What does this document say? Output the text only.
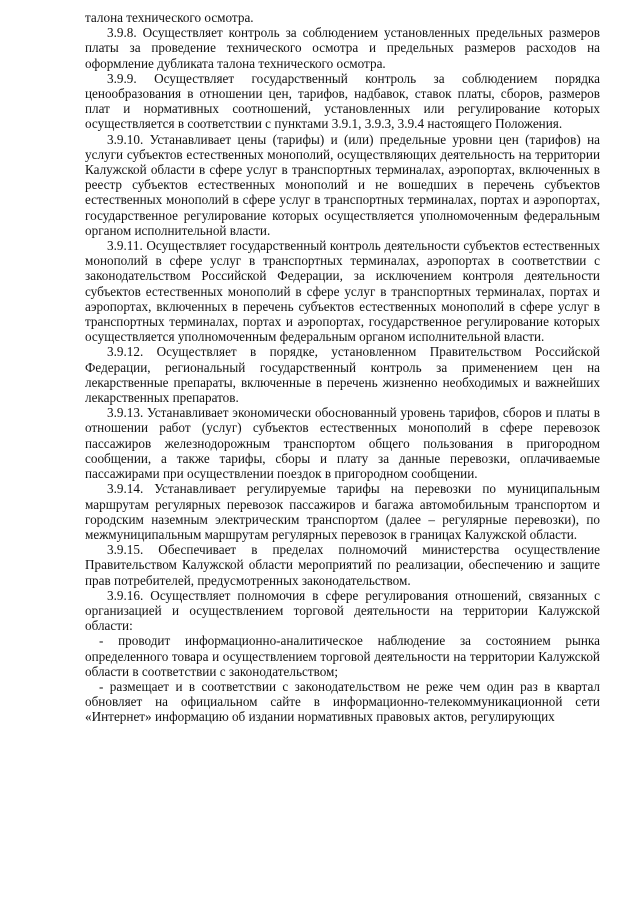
талона технического осмотра.

3.9.8. Осуществляет контроль за соблюдением установленных предельных размеров платы за проведение технического осмотра и предельных размеров расходов на оформление дубликата талона технического осмотра.

3.9.9. Осуществляет государственный контроль за соблюдением порядка ценообразования в отношении цен, тарифов, надбавок, ставок платы, сборов, размеров плат и нормативных соотношений, установленных или регулирование которых осуществляется в соответствии с пунктами 3.9.1, 3.9.3, 3.9.4 настоящего Положения.

3.9.10. Устанавливает цены (тарифы) и (или) предельные уровни цен (тарифов) на услуги субъектов естественных монополий, осуществляющих деятельность на территории Калужской области в сфере услуг в транспортных терминалах, аэропортах, включенных в реестр субъектов естественных монополий и не вошедших в перечень субъектов естественных монополий в сфере услуг в транспортных терминалах, портах и аэропортах, государственное регулирование которых осуществляется уполномоченным федеральным органом исполнительной власти.

3.9.11. Осуществляет государственный контроль деятельности субъектов естественных монополий в сфере услуг в транспортных терминалах, аэропортах в соответствии с законодательством Российской Федерации, за исключением контроля деятельности субъектов естественных монополий в сфере услуг в транспортных терминалах, портах и аэропортах, включенных в перечень субъектов естественных монополий в сфере услуг в транспортных терминалах, портах и аэропортах, государственное регулирование которых осуществляется уполномоченным федеральным органом исполнительной власти.

3.9.12. Осуществляет в порядке, установленном Правительством Российской Федерации, региональный государственный контроль за применением цен на лекарственные препараты, включенные в перечень жизненно необходимых и важнейших лекарственных препаратов.

3.9.13. Устанавливает экономически обоснованный уровень тарифов, сборов и платы в отношении работ (услуг) субъектов естественных монополий в сфере перевозок пассажиров железнодорожным транспортом общего пользования в пригородном сообщении, а также тарифы, сборы и плату за данные перевозки, оплачиваемые пассажирами при осуществлении поездок в пригородном сообщении.

3.9.14. Устанавливает регулируемые тарифы на перевозки по муниципальным маршрутам регулярных перевозок пассажиров и багажа автомобильным транспортом и городским наземным электрическим транспортом (далее – регулярные перевозки), по межмуниципальным маршрутам регулярных перевозок в границах Калужской области.

3.9.15. Обеспечивает в пределах полномочий министерства осуществление Правительством Калужской области мероприятий по реализации, обеспечению и защите прав потребителей, предусмотренных законодательством.

3.9.16. Осуществляет полномочия в сфере регулирования отношений, связанных с организацией и осуществлением торговой деятельности на территории Калужской области:

- проводит информационно-аналитическое наблюдение за состоянием рынка определенного товара и осуществлением торговой деятельности на территории Калужской области в соответствии с законодательством;

- размещает и в соответствии с законодательством не реже чем один раз в квартал обновляет на официальном сайте в информационно-телекоммуникационной сети «Интернет» информацию об издании нормативных правовых актов, регулирующих
